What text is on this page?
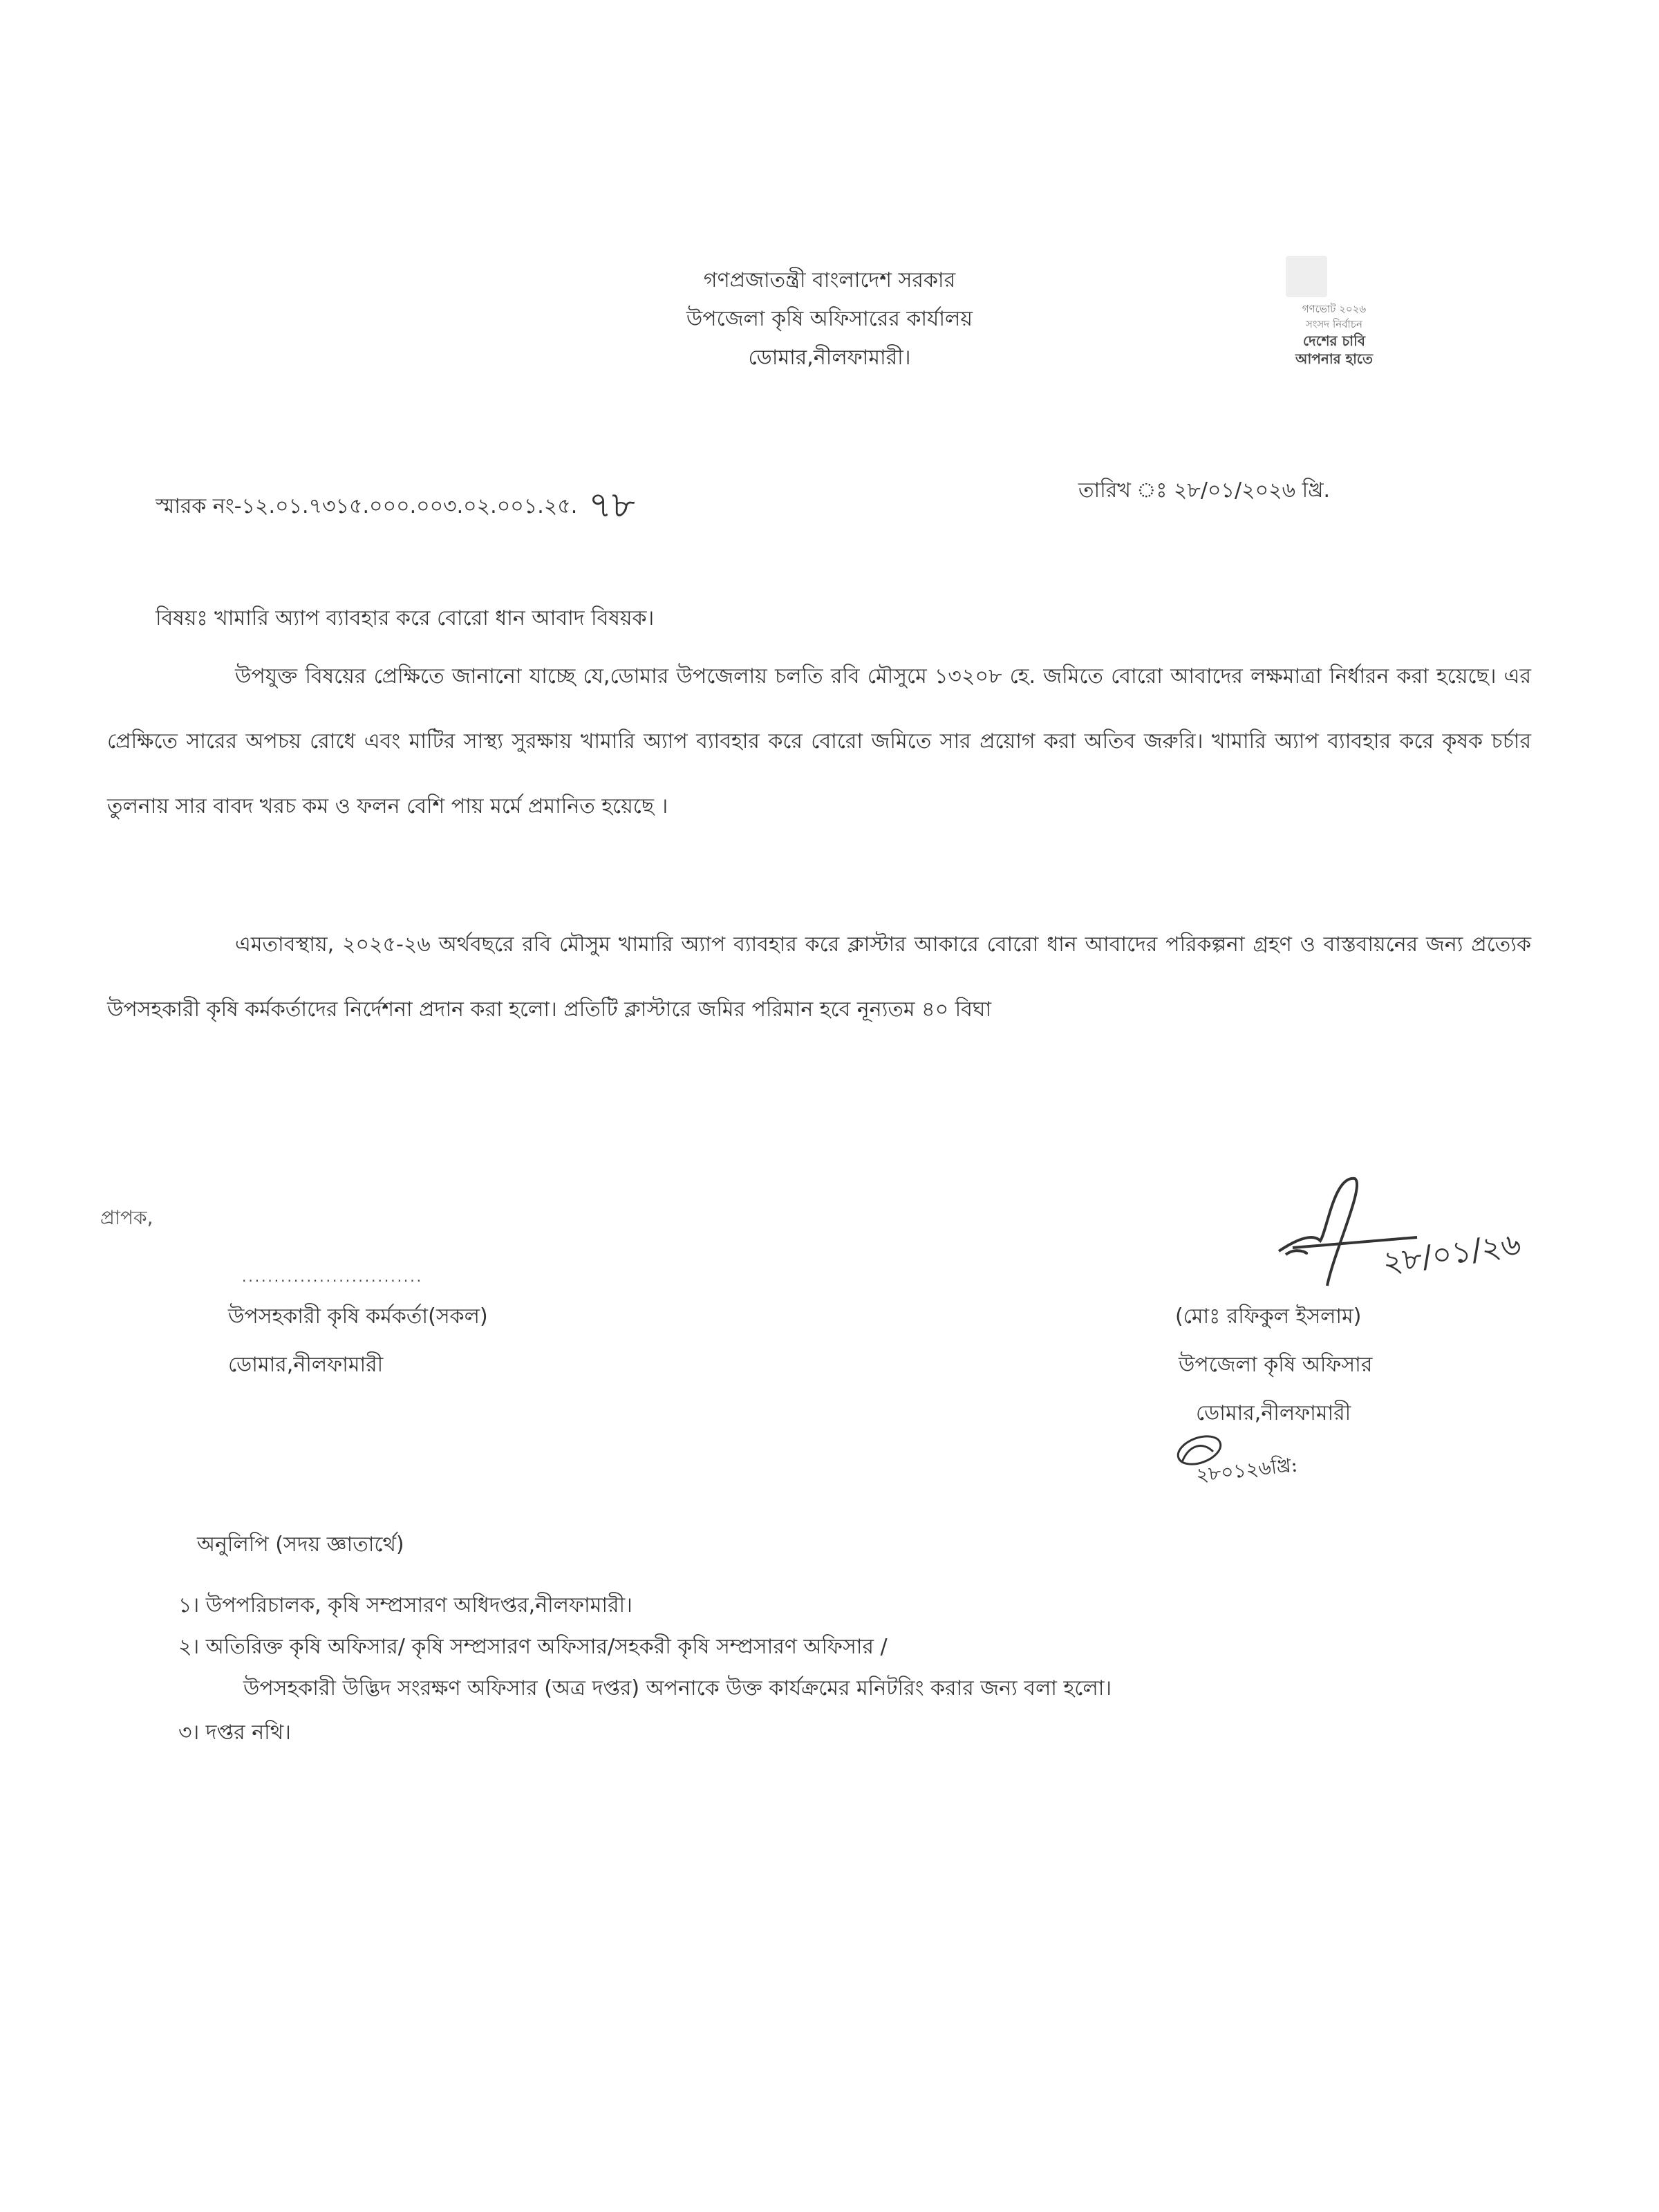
গণপ্রজাতন্ত্রী বাংলাদেশ সরকার
উপজেলা কৃষি অফিসারের কার্যালয়
ডোমার,নীলফামারী।
গণভোট ২০২৬
সংসদ নির্বাচন
দেশের চাবি
আপনার হাতে
স্মারক নং-১২.০১.৭৩১৫.০০০.০০৩.০২.০০১.২৫. ৭৮	তারিখ ঃ ২৮/০১/২০২৬ খ্রি.
বিষয়ঃ খামারি অ্যাপ ব্যাবহার করে বোরো ধান আবাদ বিষয়ক।
উপযুক্ত বিষয়ের প্রেক্ষিতে জানানো যাচ্ছে যে,ডোমার উপজেলায় চলতি রবি মৌসুমে ১৩২০৮ হে. জমিতে বোরো আবাদের লক্ষমাত্রা নির্ধারন করা হয়েছে। এর প্রেক্ষিতে সারের অপচয় রোধে এবং মাটির সাস্থ্য সুরক্ষায় খামারি অ্যাপ ব্যাবহার করে বোরো জমিতে সার প্রয়োগ করা অতিব জরুরি। খামারি অ্যাপ ব্যাবহার করে কৃষক চর্চার তুলনায় সার বাবদ খরচ কম ও ফলন বেশি পায় মর্মে প্রমানিত হয়েছে ।
এমতাবস্থায়, ২০২৫-২৬ অর্থবছরে রবি মৌসুম খামারি অ্যাপ ব্যাবহার করে ক্লাস্টার আকারে বোরো ধান আবাদের পরিকল্পনা গ্রহণ ও বাস্তবায়নের জন্য প্রত্যেক উপসহকারী কৃষি কর্মকর্তাদের নির্দেশনা প্রদান করা হলো। প্রতিটি ক্লাস্টারে জমির পরিমান হবে নূন্যতম ৪০ বিঘা
প্রাপক,
............................
উপসহকারী কৃষি কর্মকর্তা(সকল)
ডোমার,নীলফামারী
২৮/০১/২৬
(মোঃ রফিকুল ইসলাম)
উপজেলা কৃষি অফিসার
ডোমার,নীলফামারী
২৮০১২৬খ্রি:
অনুলিপি (সদয় জ্ঞাতার্থে)
১। উপপরিচালক, কৃষি সম্প্রসারণ অধিদপ্তর,নীলফামারী।
২। অতিরিক্ত কৃষি অফিসার/ কৃষি সম্প্রসারণ অফিসার/সহকরী কৃষি সম্প্রসারণ অফিসার /
উপসহকারী উদ্ভিদ সংরক্ষণ অফিসার (অত্র দপ্তর) অপনাকে উক্ত কার্যক্রমের মনিটরিং করার জন্য বলা হলো।
৩। দপ্তর নথি।
